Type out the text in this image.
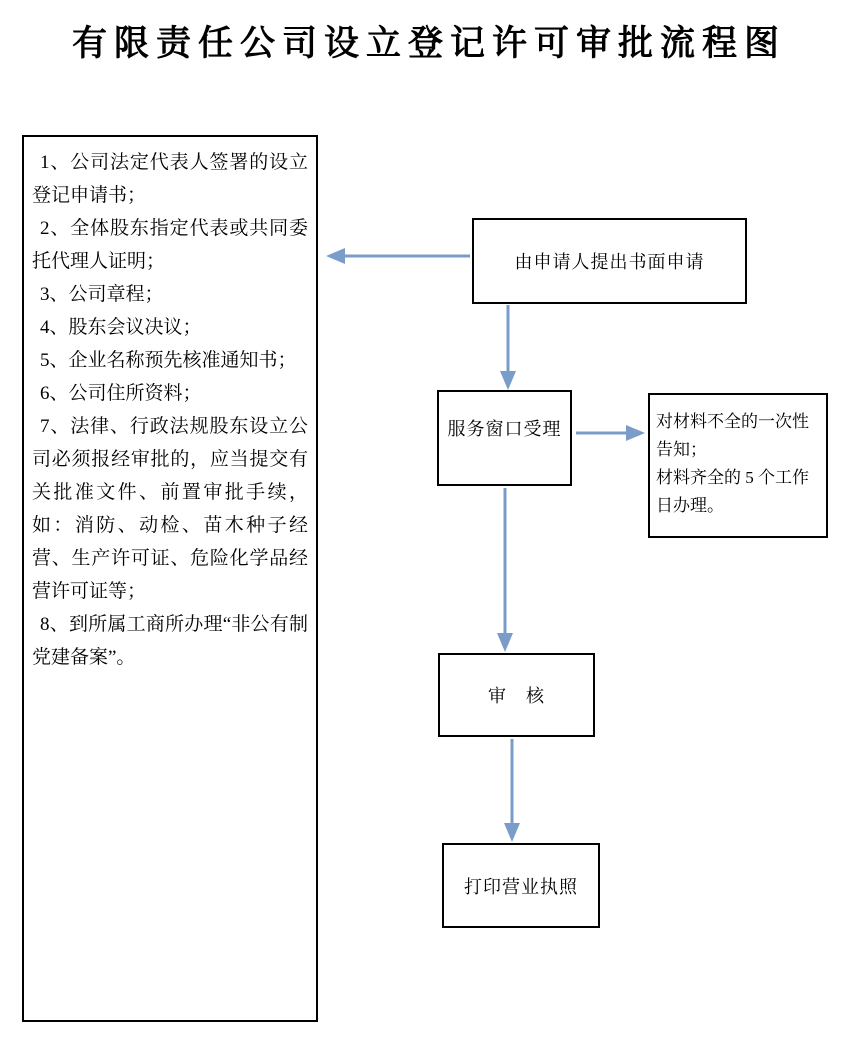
有限责任公司设立登记许可审批流程图

1、公司法定代表人签署的设立登记申请书；

2、全体股东指定代表或共同委托代理人证明；

3、公司章程；

4、股东会议决议；

5、企业名称预先核准通知书；

6、公司住所资料；

7、法律、行政法规股东设立公司必须报经审批的，应当提交有关批准文件、前置审批手续，如：消防、动检、苗木种子经营、生产许可证、危险化学品经营许可证等；

8、到所属工商所办理“非公有制党建备案”。

由申请人提出书面申请
服务窗口受理	对材料不全的一次性告知；

材料齐全的 5 个工作日办理。

审　核
打印营业执照
